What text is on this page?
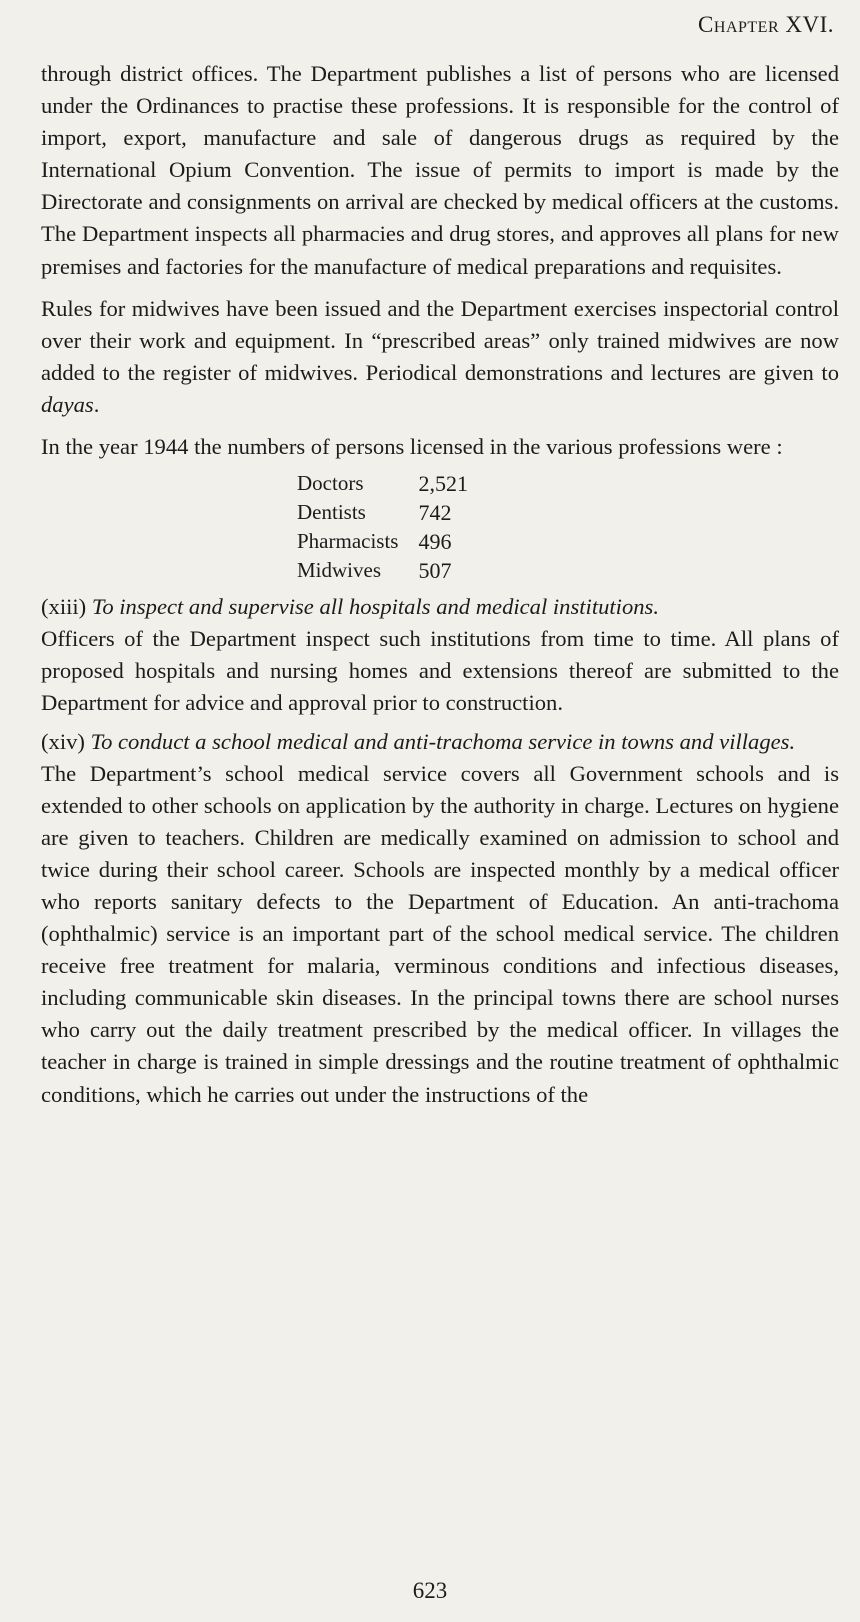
Chapter XVI.

through district offices. The Department publishes a list of persons who are licensed under the Ordinances to practise these professions. It is responsible for the control of import, export, manufacture and sale of dangerous drugs as required by the International Opium Convention. The issue of permits to import is made by the Directorate and consignments on arrival are checked by medical officers at the customs. The Department inspects all pharmacies and drug stores, and approves all plans for new premises and factories for the manufacture of medical preparations and requisites.

Rules for midwives have been issued and the Department exercises inspectorial control over their work and equipment. In “prescribed areas” only trained midwives are now added to the register of midwives. Periodical demonstrations and lectures are given to dayas.

In the year 1944 the numbers of persons licensed in the various professions were :

Doctors	2,521
Dentists	742
Pharmacists	496
Midwives	507

(xiii) To inspect and supervise all hospitals and medical institutions.

Officers of the Department inspect such institutions from time to time. All plans of proposed hospitals and nursing homes and extensions thereof are submitted to the Department for advice and approval prior to construction.

(xiv) To conduct a school medical and anti-trachoma service in towns and villages.

The Department’s school medical service covers all Government schools and is extended to other schools on application by the authority in charge. Lectures on hygiene are given to teachers. Children are medically examined on admission to school and twice during their school career. Schools are inspected monthly by a medical officer who reports sanitary defects to the Department of Education. An anti-trachoma (ophthalmic) service is an important part of the school medical service. The children receive free treatment for malaria, verminous conditions and infectious diseases, including communicable skin diseases. In the principal towns there are school nurses who carry out the daily treatment prescribed by the medical officer. In villages the teacher in charge is trained in simple dressings and the routine treatment of ophthalmic conditions, which he carries out under the instructions of the

623
